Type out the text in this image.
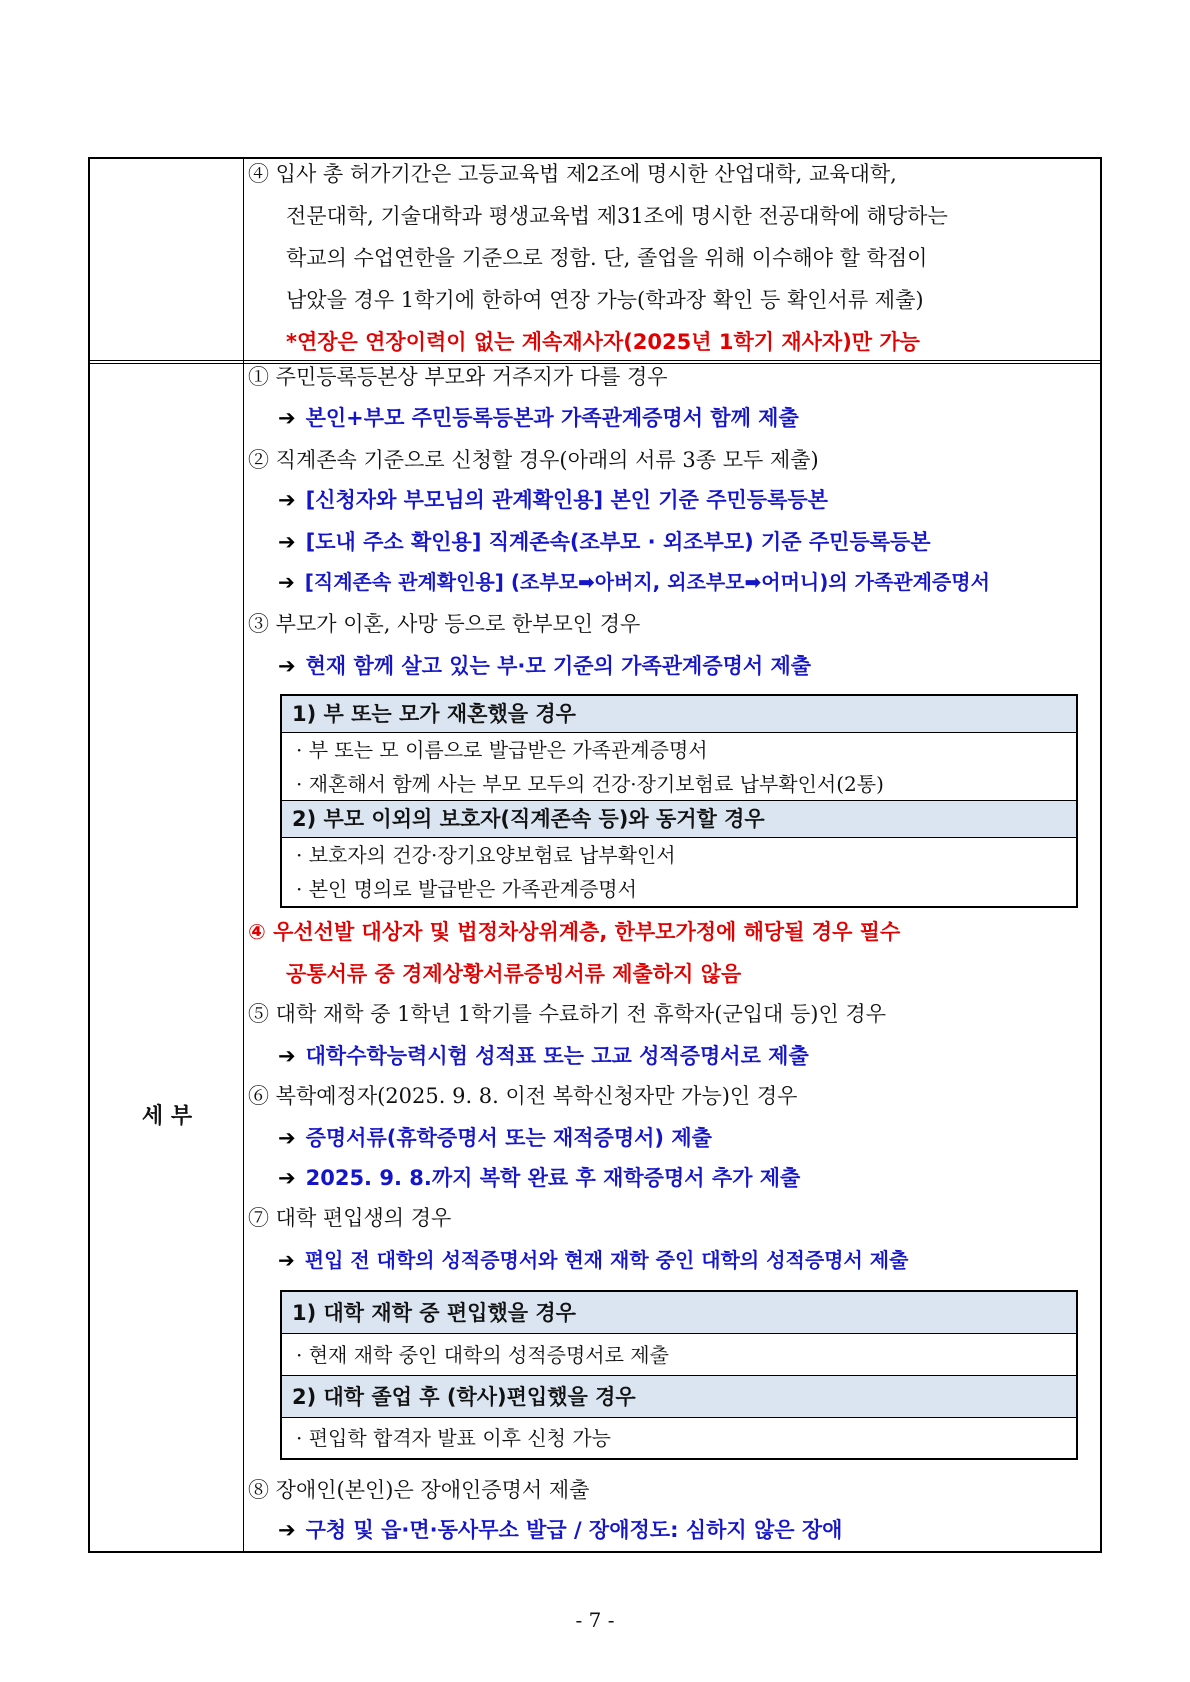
세 부
④ 입사 총 허가기간은 고등교육법 제2조에 명시한 산업대학, 교육대학,
전문대학, 기술대학과 평생교육법 제31조에 명시한 전공대학에 해당하는
학교의 수업연한을 기준으로 정함. 단, 졸업을 위해 이수해야 할 학점이
남았을 경우 1학기에 한하여 연장 가능(학과장 확인 등 확인서류 제출)
*연장은 연장이력이 없는 계속재사자(2025년 1학기 재사자)만 가능
① 주민등록등본상 부모와 거주지가 다를 경우
➔ 본인+부모 주민등록등본과 가족관계증명서 함께 제출
② 직계존속 기준으로 신청할 경우(아래의 서류 3종 모두 제출)
➔ [신청자와 부모님의 관계확인용] 본인 기준 주민등록등본
➔ [도내 주소 확인용] 직계존속(조부모 · 외조부모) 기준 주민등록등본
➔ [직계존속 관계확인용] (조부모➡아버지, 외조부모➡어머니)의 가족관계증명서
③ 부모가 이혼, 사망 등으로 한부모인 경우
➔ 현재 함께 살고 있는 부·모 기준의 가족관계증명서 제출
1) 부 또는 모가 재혼했을 경우
· 부 또는 모 이름으로 발급받은 가족관계증명서
· 재혼해서 함께 사는 부모 모두의 건강·장기보험료 납부확인서(2통)
2) 부모 이외의 보호자(직계존속 등)와 동거할 경우
· 보호자의 건강·장기요양보험료 납부확인서
· 본인 명의로 발급받은 가족관계증명서
④ 우선선발 대상자 및 법정차상위계층, 한부모가정에 해당될 경우 필수
공통서류 중 경제상황서류증빙서류 제출하지 않음
⑤ 대학 재학 중 1학년 1학기를 수료하기 전 휴학자(군입대 등)인 경우
➔ 대학수학능력시험 성적표 또는 고교 성적증명서로 제출
⑥ 복학예정자(2025. 9. 8. 이전 복학신청자만 가능)인 경우
➔ 증명서류(휴학증명서 또는 재적증명서) 제출
➔ 2025. 9. 8.까지 복학 완료 후 재학증명서 추가 제출
⑦ 대학 편입생의 경우
➔ 편입 전 대학의 성적증명서와 현재 재학 중인 대학의 성적증명서 제출
1) 대학 재학 중 편입했을 경우
· 현재 재학 중인 대학의 성적증명서로 제출
2) 대학 졸업 후 (학사)편입했을 경우
· 편입학 합격자 발표 이후 신청 가능
⑧ 장애인(본인)은 장애인증명서 제출
➔ 구청 및 읍·면·동사무소 발급 / 장애정도: 심하지 않은 장애
- 7 -
